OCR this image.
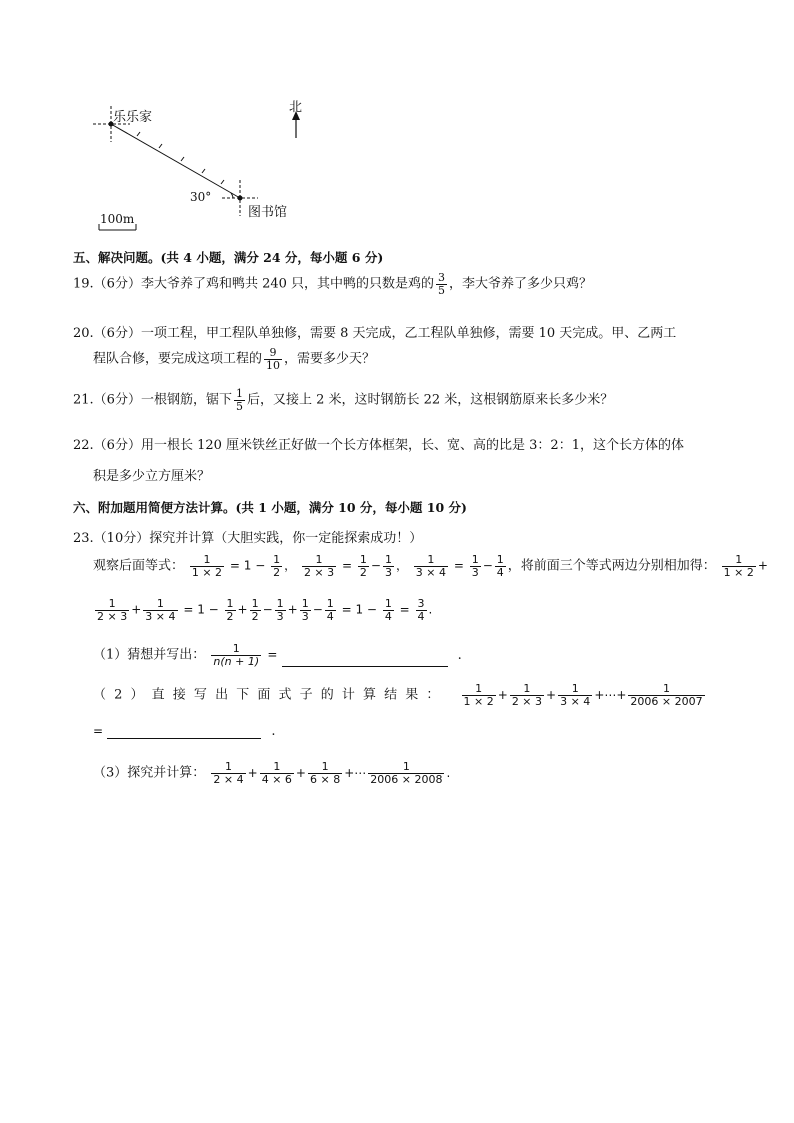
乐乐家
北
30°
图书馆
100m
五、解决问题。(共 4 小题，满分 24 分，每小题 6 分)
19.（6分）李大爷养了鸡和鸭共 240 只，其中鸭的只数是鸡的 $\frac{3}{5}$ ，李大爷养了多少只鸡？
20.（6分）一项工程，甲工程队单独修，需要 8 天完成，乙工程队单独修，需要 10 天完成。甲、乙两工
程队合修，要完成这项工程的 $\frac{9}{10}$ ，需要多少天？
21.（6分）一根钢筋，锯下 $\frac{1}{5}$ 后，又接上 2 米，这时钢筋长 22 米，这根钢筋原来长多少米？
22.（6分）用一根长 120 厘米铁丝正好做一个长方体框架，长、宽、高的比是 3：2：1，这个长方体的体
积是多少立方厘米？
六、附加题用简便方法计算。(共 1 小题，满分 10 分，每小题 10 分)
23.（10分）探究并计算（大胆实践，你一定能探索成功！）
观察后面等式： $\frac{1}{1 \times 2} = 1 - \frac{1}{2}$ ， $\frac{1}{2 \times 3} = \frac{1}{2} - \frac{1}{3}$ ， $\frac{1}{3 \times 4} = \frac{1}{3} - \frac{1}{4}$ ，将前面三个等式两边分别相加得： $\frac{1}{1 \times 2}$ +
$\frac{1}{2 \times 3} + \frac{1}{3 \times 4} = 1 - \frac{1}{2} + \frac{1}{2} - \frac{1}{3} + \frac{1}{3} - \frac{1}{4} = 1 - \frac{1}{4} = \frac{3}{4}$ .
（1）猜想并写出： $\frac{1}{n(n + 1)}$ =	.
（ 2 ） 直 接 写 出 下 面 式 子 的 计 算 结 果 ： $\frac{1}{1 \times 2} + \frac{1}{2 \times 3} + \frac{1}{3 \times 4}$ +⋯+ $\frac{1}{2006 \times 2007}$
=	.
（3）探究并计算： $\frac{1}{2 \times 4} + \frac{1}{4 \times 6} + \frac{1}{6 \times 8}$ +⋯ $\frac{1}{2006 \times 2008}$ .
